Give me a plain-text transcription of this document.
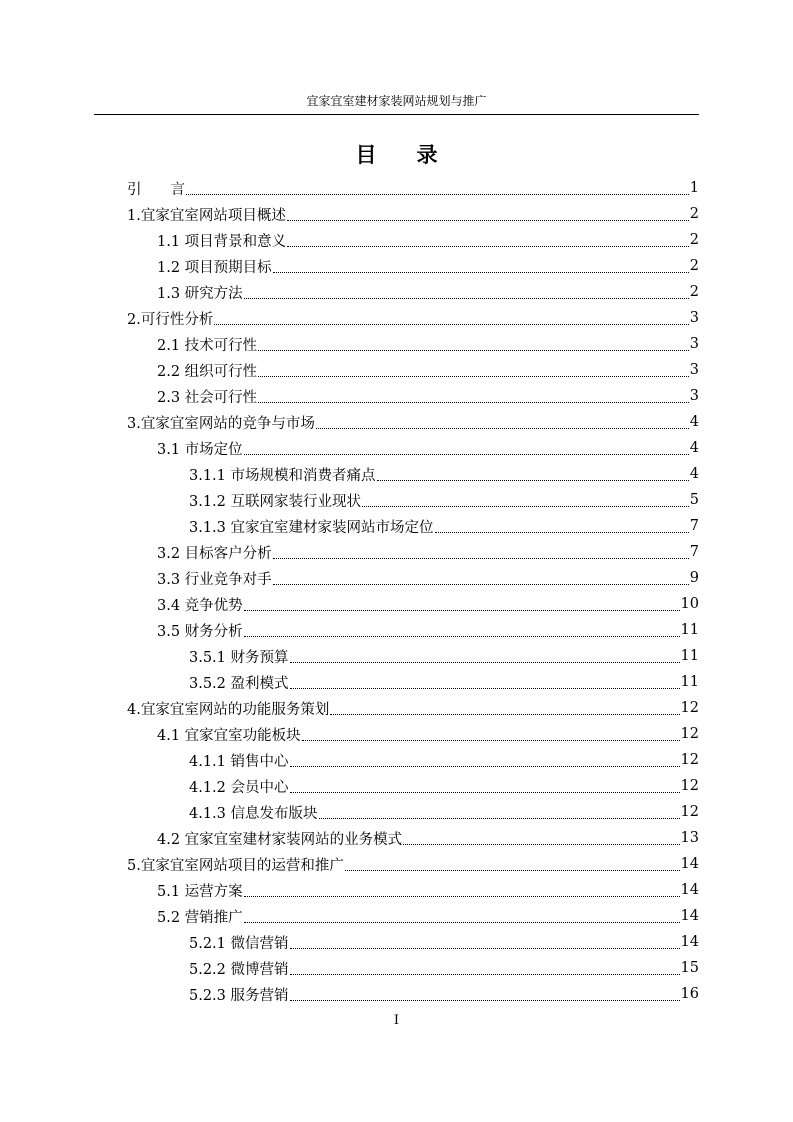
宜家宜室建材家装网站规划与推广
目 录
引 言	1
1.宜家宜室网站项目概述	2
1.1 项目背景和意义	2
1.2 项目预期目标	2
1.3 研究方法	2
2.可行性分析	3
2.1 技术可行性	3
2.2 组织可行性	3
2.3 社会可行性	3
3.宜家宜室网站的竞争与市场	4
3.1 市场定位	4
3.1.1 市场规模和消费者痛点	4
3.1.2 互联网家装行业现状	5
3.1.3 宜家宜室建材家装网站市场定位	7
3.2 目标客户分析	7
3.3 行业竞争对手	9
3.4 竞争优势	10
3.5 财务分析	11
3.5.1 财务预算	11
3.5.2 盈利模式	11
4.宜家宜室网站的功能服务策划	12
4.1 宜家宜室功能板块	12
4.1.1 销售中心	12
4.1.2 会员中心	12
4.1.3 信息发布版块	12
4.2 宜家宜室建材家装网站的业务模式	13
5.宜家宜室网站项目的运营和推广	14
5.1 运营方案	14
5.2 营销推广	14
5.2.1 微信营销	14
5.2.2 微博营销	15
5.2.3 服务营销	16
I
